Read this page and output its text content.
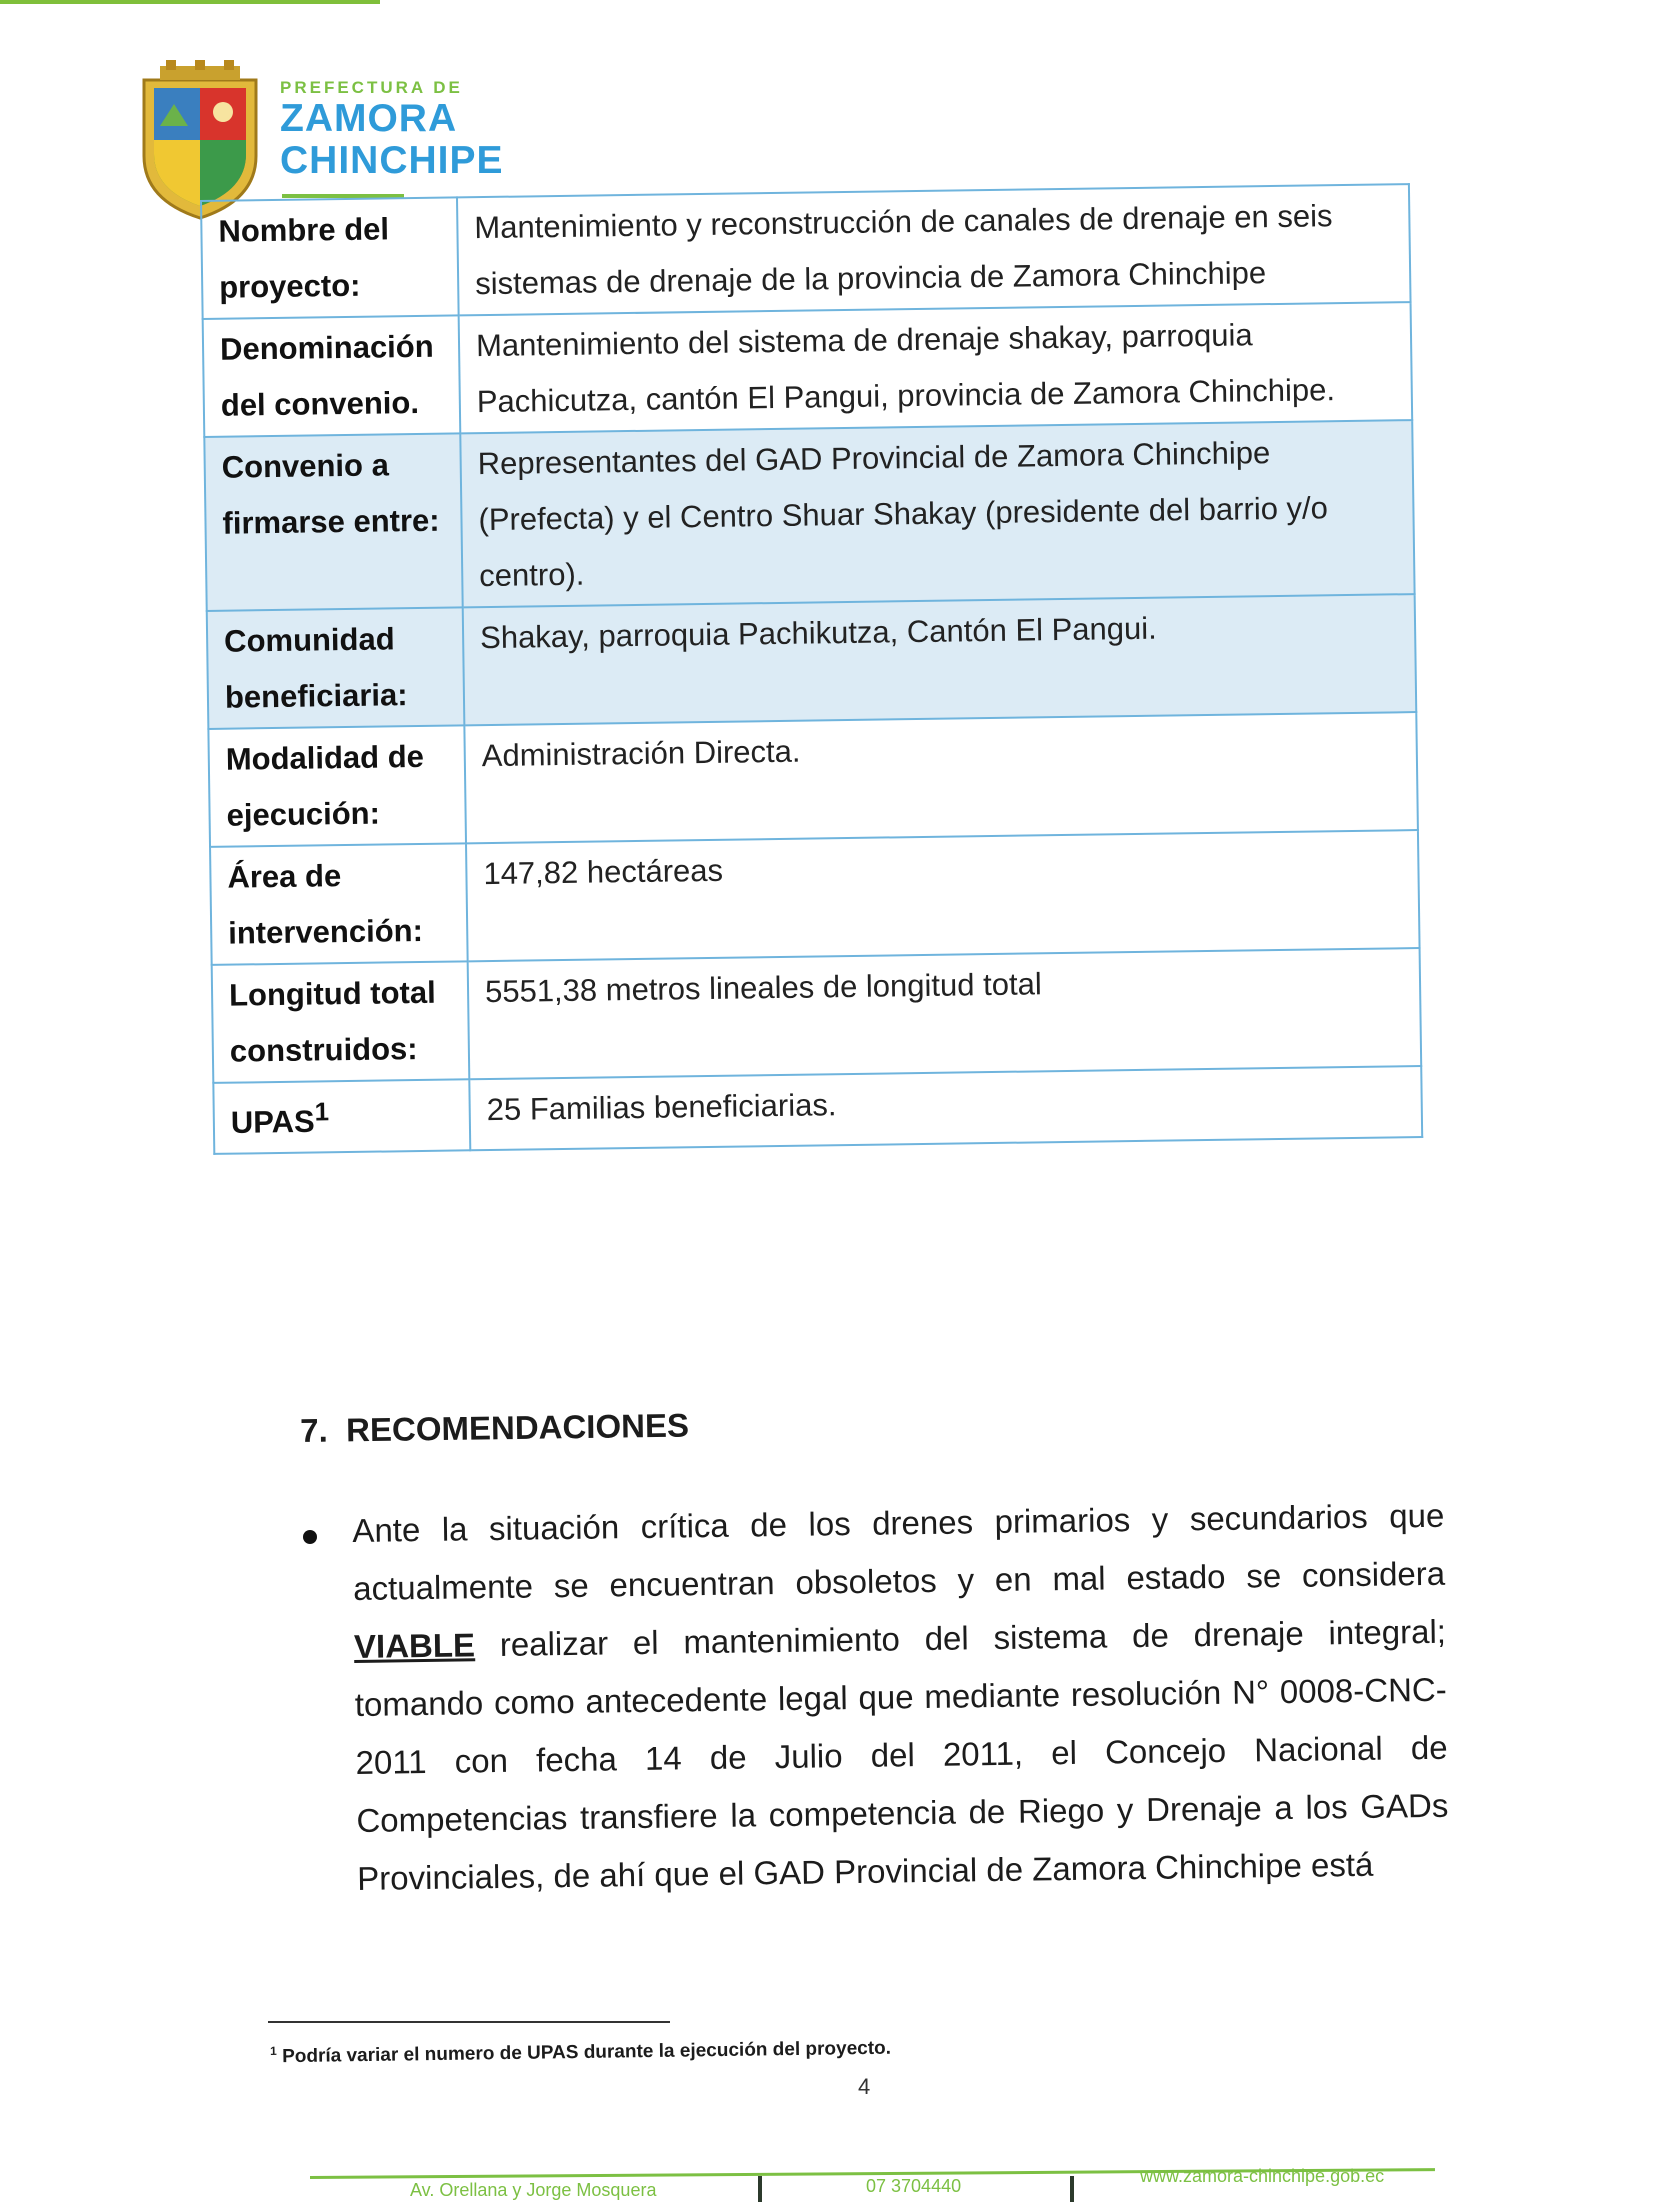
PREFECTURA DE
ZAMORA
CHINCHIPE
Nombre del proyecto:	Mantenimiento y reconstrucción de canales de drenaje en seis sistemas de drenaje de la provincia de Zamora Chinchipe
Denominación del convenio.	Mantenimiento del sistema de drenaje shakay, parroquia Pachicutza, cantón El Pangui, provincia de Zamora Chinchipe.
Convenio a firmarse entre:	Representantes del GAD Provincial de Zamora Chinchipe (Prefecta) y el Centro Shuar Shakay (presidente del barrio y/o centro).
Comunidad beneficiaria:	Shakay, parroquia Pachikutza, Cantón El Pangui.
Modalidad de ejecución:	Administración Directa.
Área de intervención:	147,82 hectáreas
Longitud total construidos:	5551,38 metros lineales de longitud total
UPAS$^1$	25 Familias beneficiarias.
7. RECOMENDACIONES
Ante la situación crítica de los drenes primarios y secundarios que actualmente se encuentran obsoletos y en mal estado se considera VIABLE realizar el mantenimiento del sistema de drenaje integral; tomando como antecedente legal que mediante resolución N° 0008-CNC-2011 con fecha 14 de Julio del 2011, el Concejo Nacional de Competencias transfiere la competencia de Riego y Drenaje a los GADs Provinciales, de ahí que el GAD Provincial de Zamora Chinchipe está
$^1$ Podría variar el numero de UPAS durante la ejecución del proyecto.
4
Av. Orellana y Jorge Mosquera	07 3704440	www.zamora-chinchipe.gob.ec
